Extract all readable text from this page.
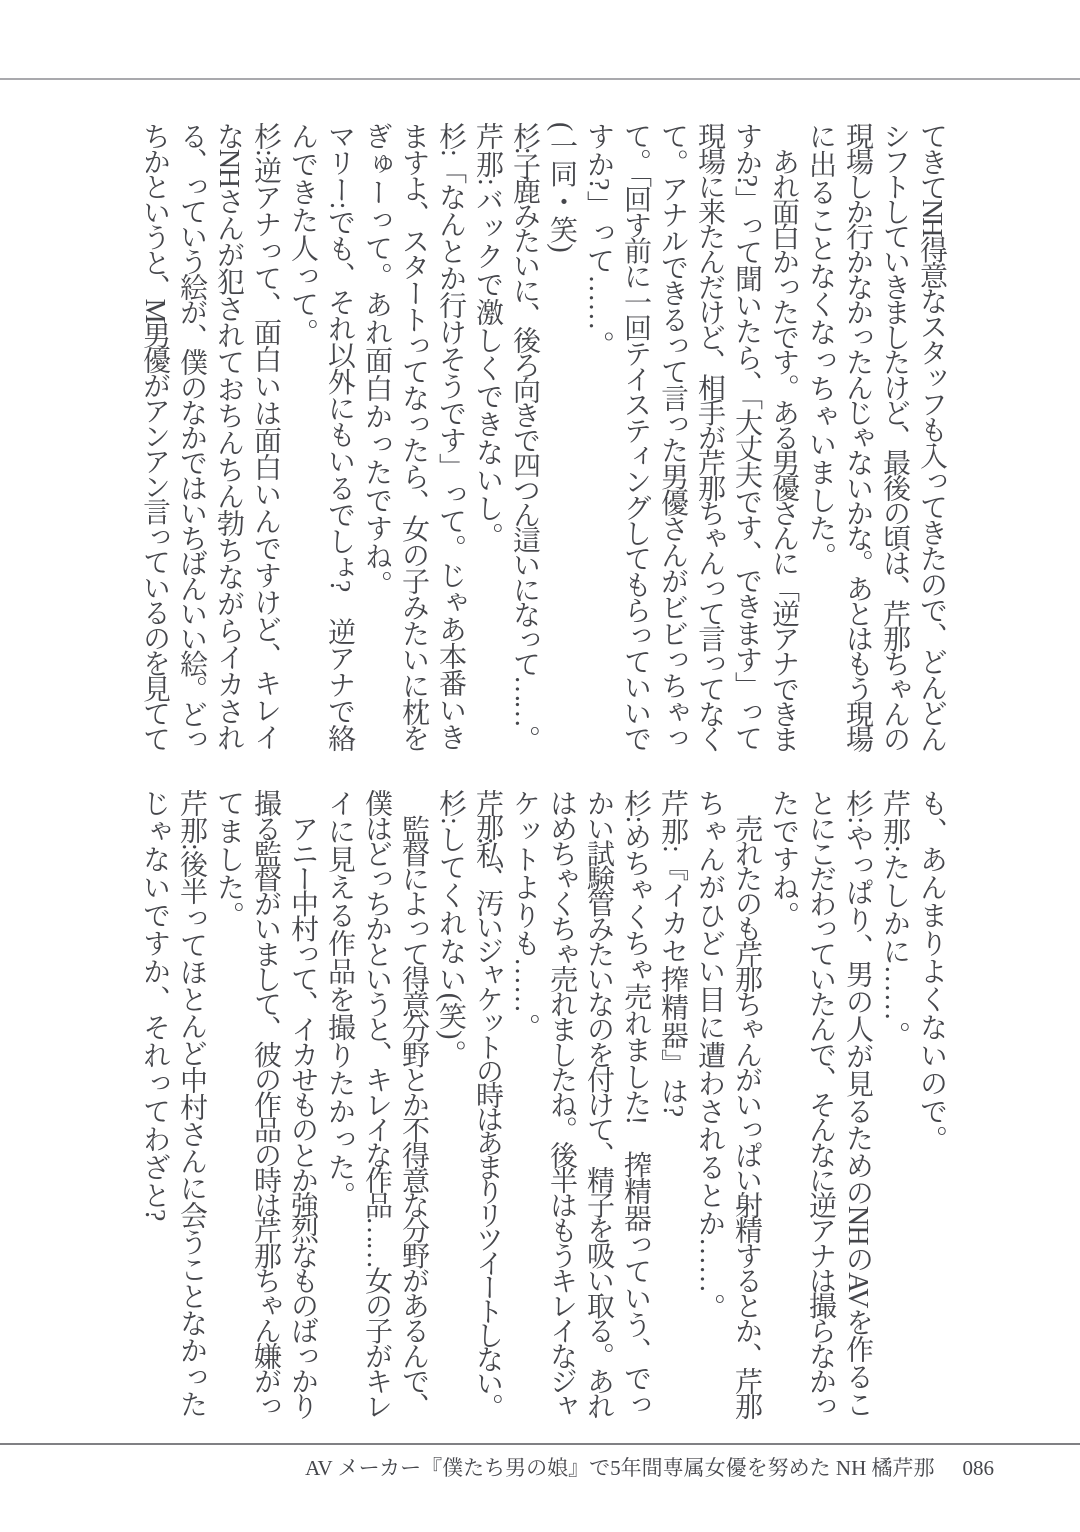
てきてNH得意なスタッフも入ってきたので、どんどん

シフトしていきましたけど、最後の頃は、芹那ちゃんの

現場しか行かなかったんじゃないかな。あとはもう現場

に出ることなくなっちゃいました。

　あれ面白かったです。ある男優さんに「逆アナできま

すか?」って聞いたら、「大丈夫です、できます」って

現場に来たんだけど、相手が芹那ちゃんって言ってなく

て。アナルできるって言った男優さんがビビっちゃっ

て。「回す前に一回テイスティングしてもらっていいで

すか?」って……。

(一同・笑)

杉:子鹿みたいに、後ろ向きで四つん這いになって……。

芹那:バックで激しくできないし。

杉:「なんとか行けそうです」って。じゃあ本番いき

ますよ、スタートってなったら、女の子みたいに枕を

ぎゅーって。あれ面白かったですね。

マリー:でも、それ以外にもいるでしょ?　逆アナで絡

んできた人って。

杉:逆アナって、面白いは面白いんですけど、キレイ

なNHさんが犯されておちんちん勃ちながらイカされ

る、っていう絵が、僕のなかではいちばんいい絵。どっ

ちかというと、M男優がアンアン言っているのを見てて

も、あんまりよくないので。

芹那:たしかに……。

杉:やっぱり、男の人が見るためのNHのAVを作るこ

とにこだわっていたんで、そんなに逆アナは撮らなかっ

たですね。

　売れたのも芹那ちゃんがいっぱい射精するとか、芹那

ちゃんがひどい目に遭わされるとか……。

芹那:『イカセ搾精器』は?

杉:めちゃくちゃ売れました!　搾精器っていう、でっ

かい試験管みたいなのを付けて、精子を吸い取る。あれ

はめちゃくちゃ売れましたね。後半はもうキレイなジャ

ケットよりも……。

芹那:私、汚いジャケットの時はあまりリツイートしない。

杉:してくれない(笑)。

　監督によって得意分野とか不得意な分野があるんで、

僕はどっちかというと、キレイな作品……女の子がキレ

イに見える作品を撮りたかった。

　アニー中村って、イカせものとか強烈なものばっかり

撮る監督がいまして、彼の作品の時は芹那ちゃん嫌がっ

てました。

芹那:後半ってほとんど中村さんに会うことなかった

じゃないですか、それってわざと?

AV メーカー『僕たち男の娘』で5年間専属女優を努めた NH 橘芹那 086
